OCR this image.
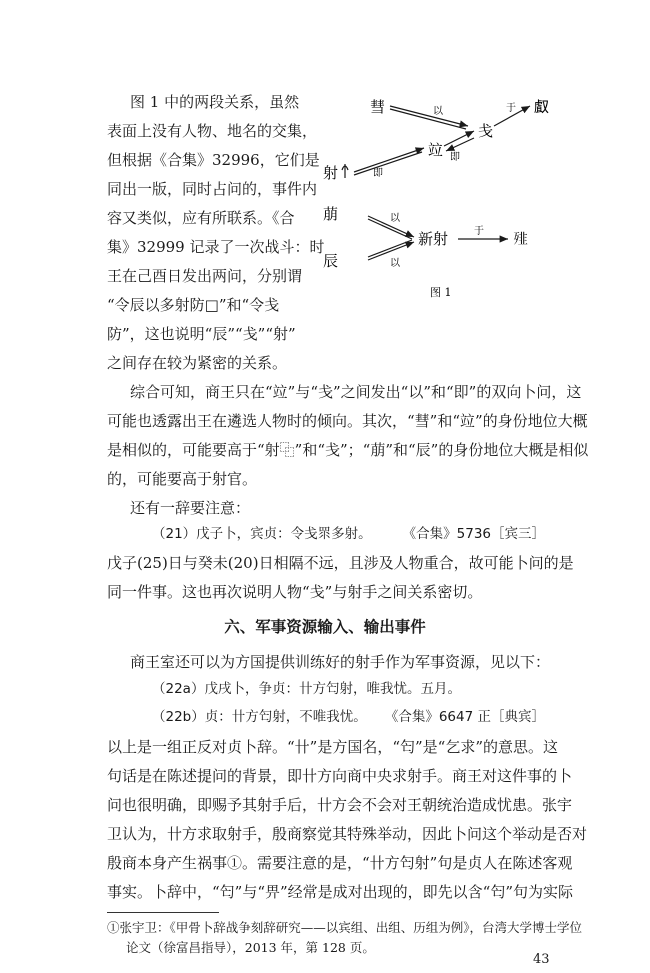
图 1 中的两段关系，虽然
表面上没有人物、地名的交集，
但根据《合集》32996，它们是
同出一版，同时占问的，事件内
容又类似，应有所联系。《合
集》32999 记录了一次战斗：时
王在己酉日发出两问，分别谓
“令辰以多射防□”和“令戋
防”，这也说明“辰”“戋”“射”
之间存在较为紧密的关系。
彗	以	于 𠭯
戋
竝 即
射	即
萠
辰
以
以
新射	于 𩐁
图 1
综合可知，商王只在“竝”与“戋”之间发出“以”和“即”的双向卜问，这
可能也透露出王在遴选人物时的倾向。其次，“彗”和“竝”的身份地位大概
是相似的，可能要高于“射⿻”和“戋”；“萠”和“辰”的身份地位大概是相似
的，可能要高于射官。
还有一辞要注意：
（21）戊子卜，宾贞：令戋眔多射。 《合集》5736［宾三］
戊子(25)日与癸未(20)日相隔不远，且涉及人物重合，故可能卜问的是
同一件事。这也再次说明人物“戋”与射手之间关系密切。
六、军事资源输入、输出事件
商王室还可以为方国提供训练好的射手作为军事资源，见以下：
（22a）戊戌卜，争贞：卄方匄射，唯我忧。五月。
（22b）贞：卄方匄射，不唯我忧。 《合集》6647 正［典宾］
以上是一组正反对贞卜辞。“卄”是方国名，“匄”是“乞求”的意思。这
句话是在陈述提问的背景，即卄方向商中央求射手。商王对这件事的卜
问也很明确，即赐予其射手后，卄方会不会对王朝统治造成忧患。张宇
卫认为，卄方求取射手，殷商察觉其特殊举动，因此卜问这个举动是否对
殷商本身产生祸事①。需要注意的是，“卄方匄射”句是贞人在陈述客观
事实。卜辞中，“匄”与“畀”经常是成对出现的，即先以含“匄”句为实际
①张宇卫：《甲骨卜辞战争刻辞研究——以宾组、出组、历组为例》，台湾大学博士学位
论文（徐富昌指导），2013 年，第 128 页。
43
